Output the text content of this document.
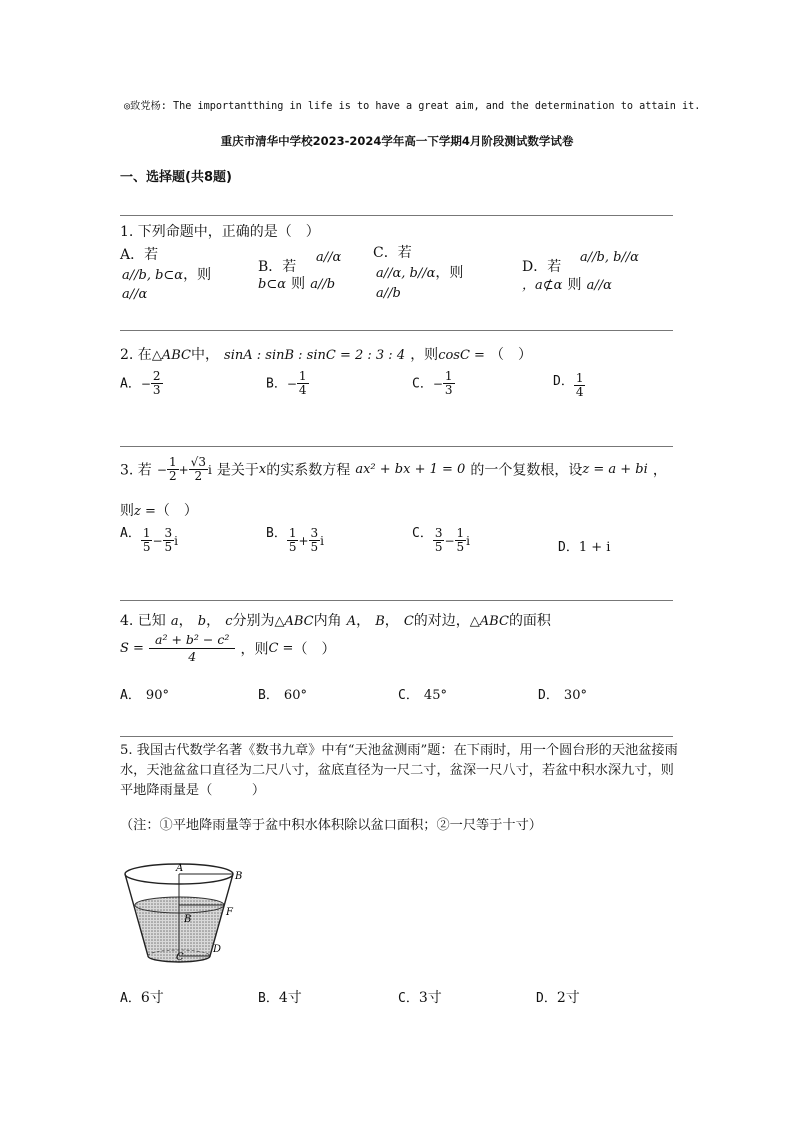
◎致党杨: The importantthing in life is to have a great aim, and the determination to attain it.
重庆市清华中学校2023-2024学年高一下学期4月阶段测试数学试卷
一、选择题(共8题)
1. 下列命题中，正确的是（　）
A．若
a//b, b⊂α，则
a//α
B．若
a//α
b⊂α 则 a//b
C．若
a//α, b//α，则
a//b
D．若
a//b, b//α
，a⊄α 则 a//α
2. 在△ABC中， sinA : sinB : sinC = 2 : 3 : 4 ，则cosC = （　）
A． − $\frac{2}{3}$	B． − $\frac{1}{4}$	C． − $\frac{1}{3}$	D． $\frac{1}{4}$
3. 若 − $\frac{1}{2} + \frac{√3}{2}$ i 是关于x的实系数方程 ax² + bx + 1 = 0 的一个复数根，设z = a + bi ，
则z =（　）
A． $\frac{1}{5} - \frac{3}{5}$ i	B． $\frac{1}{5} + \frac{3}{5}$ i	C． $\frac{3}{5} - \frac{1}{5}$ i	D．1 + i
4. 已知 a， b， c分别为△ABC内角 A， B， C的对边，△ABC的面积
$S = \frac{\text{a² + b² − c²}}{4}$ ，则C =（　）
A． 90°	B． 60°	C． 45°	D． 30°
5. 我国古代数学名著《数书九章》中有“天池盆测雨”题：在下雨时，用一个圆台形的天池盆接雨水，天池盆盆口直径为二尺八寸，盆底直径为一尺二寸，盆深一尺八寸，若盆中积水深九寸，则平地降雨量是（　　　）
（注：①平地降雨量等于盆中积水体积除以盆口面积；②一尺等于十寸）
A
B
F
B
D
C
A．6寸	B．4寸	C．3寸	D．2寸
